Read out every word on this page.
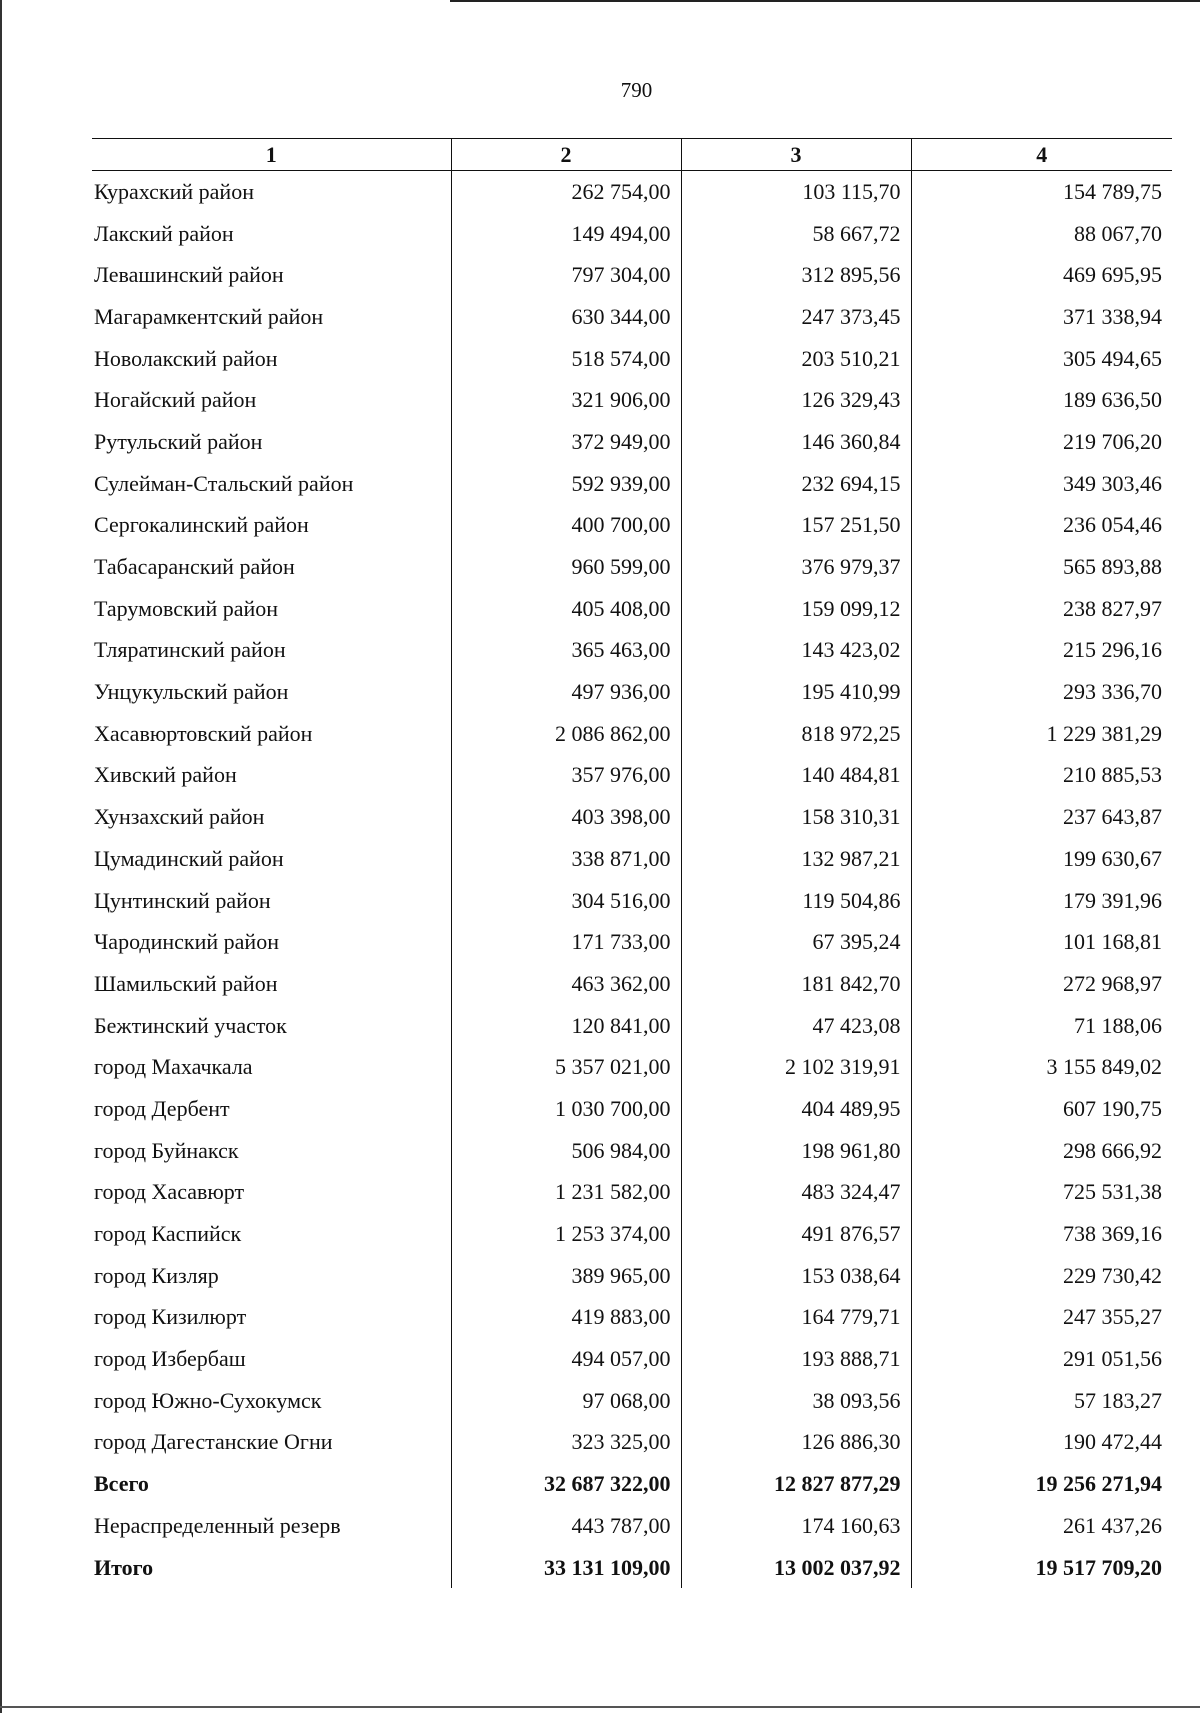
790
1	2	3	4
Курахский район	262 754,00	103 115,70	154 789,75
Лакский район	149 494,00	58 667,72	88 067,70
Левашинский район	797 304,00	312 895,56	469 695,95
Магарамкентский район	630 344,00	247 373,45	371 338,94
Новолакский район	518 574,00	203 510,21	305 494,65
Ногайский район	321 906,00	126 329,43	189 636,50
Рутульский район	372 949,00	146 360,84	219 706,20
Сулейман-Стальский район	592 939,00	232 694,15	349 303,46
Сергокалинский район	400 700,00	157 251,50	236 054,46
Табасаранский район	960 599,00	376 979,37	565 893,88
Тарумовский район	405 408,00	159 099,12	238 827,97
Тляратинский район	365 463,00	143 423,02	215 296,16
Унцукульский район	497 936,00	195 410,99	293 336,70
Хасавюртовский район	2 086 862,00	818 972,25	1 229 381,29
Хивский район	357 976,00	140 484,81	210 885,53
Хунзахский район	403 398,00	158 310,31	237 643,87
Цумадинский район	338 871,00	132 987,21	199 630,67
Цунтинский район	304 516,00	119 504,86	179 391,96
Чародинский район	171 733,00	67 395,24	101 168,81
Шамильский район	463 362,00	181 842,70	272 968,97
Бежтинский участок	120 841,00	47 423,08	71 188,06
город Махачкала	5 357 021,00	2 102 319,91	3 155 849,02
город Дербент	1 030 700,00	404 489,95	607 190,75
город Буйнакск	506 984,00	198 961,80	298 666,92
город Хасавюрт	1 231 582,00	483 324,47	725 531,38
город Каспийск	1 253 374,00	491 876,57	738 369,16
город Кизляр	389 965,00	153 038,64	229 730,42
город Кизилюрт	419 883,00	164 779,71	247 355,27
город Избербаш	494 057,00	193 888,71	291 051,56
город Южно-Сухокумск	97 068,00	38 093,56	57 183,27
город Дагестанские Огни	323 325,00	126 886,30	190 472,44
Всего	32 687 322,00	12 827 877,29	19 256 271,94
Нераспределенный резерв	443 787,00	174 160,63	261 437,26
Итого	33 131 109,00	13 002 037,92	19 517 709,20
